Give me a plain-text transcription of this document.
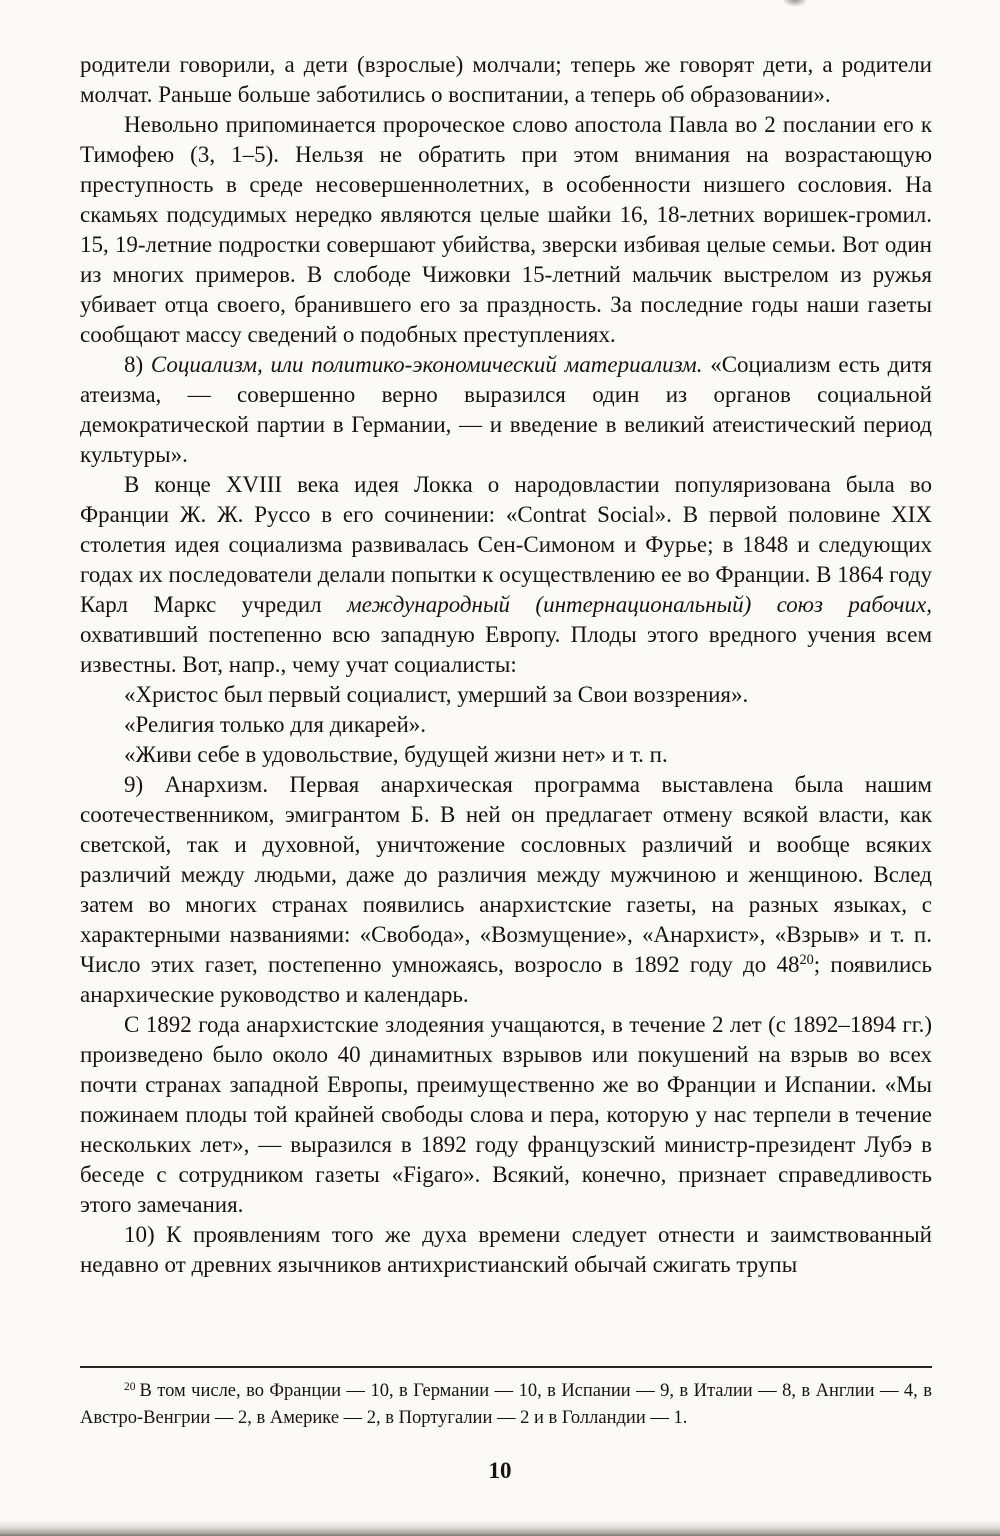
родители говорили, а дети (взрослые) молчали; теперь же говорят дети, а родители молчат. Раньше больше заботились о воспитании, а теперь об образовании».

Невольно припоминается пророческое слово апостола Павла во 2 послании его к Тимофею (3, 1–5). Нельзя не обратить при этом внимания на возрастающую преступность в среде несовершеннолетних, в особенности низшего сословия. На скамьях подсудимых нередко являются целые шайки 16, 18-летних воришек-громил. 15, 19-летние подростки совершают убийства, зверски избивая целые семьи. Вот один из многих примеров. В слободе Чижовки 15-летний мальчик выстрелом из ружья убивает отца своего, бранившего его за праздность. За последние годы наши газеты сообщают массу сведений о подобных преступлениях.

8) Социализм, или политико-экономический материализм. «Социализм есть дитя атеизма, — совершенно верно выразился один из органов социальной демократической партии в Германии, — и введение в великий атеистический период культуры».

В конце XVIII века идея Локка о народовластии популяризована была во Франции Ж. Ж. Руссо в его сочинении: «Contrat Social». В первой половине XIX столетия идея социализма развивалась Сен-Симоном и Фурье; в 1848 и следующих годах их последователи делали попытки к осуществлению ее во Франции. В 1864 году Карл Маркс учредил международный (интернациональный) союз рабочих, охвативший постепенно всю западную Европу. Плоды этого вредного учения всем известны. Вот, напр., чему учат социалисты:

«Христос был первый социалист, умерший за Свои воззрения».

«Религия только для дикарей».

«Живи себе в удовольствие, будущей жизни нет» и т. п.

9) Анархизм. Первая анархическая программа выставлена была нашим соотечественником, эмигрантом Б. В ней он предлагает отмену всякой власти, как светской, так и духовной, уничтожение сословных различий и вообще всяких различий между людьми, даже до различия между мужчиною и женщиною. Вслед затем во многих странах появились анархистские газеты, на разных языках, с характерными названиями: «Свобода», «Возмущение», «Анархист», «Взрыв» и т. п. Число этих газет, постепенно умножаясь, возросло в 1892 году до 48$^{20}$; появились анархические руководство и календарь.

С 1892 года анархистские злодеяния учащаются, в течение 2 лет (с 1892–1894 гг.) произведено было около 40 динамитных взрывов или покушений на взрыв во всех почти странах западной Европы, преимущественно же во Франции и Испании. «Мы пожинаем плоды той крайней свободы слова и пера, которую у нас терпели в течение нескольких лет», — выразился в 1892 году французский министр-президент Лубэ в беседе с сотрудником газеты «Figaro». Всякий, конечно, признает справедливость этого замечания.

10) К проявлениям того же духа времени следует отнести и заимствованный недавно от древних язычников антихристианский обычай сжигать трупы

$^{20}$ В том числе, во Франции — 10, в Германии — 10, в Испании — 9, в Италии — 8, в Англии — 4, в Австро-Венгрии — 2, в Америке — 2, в Португалии — 2 и в Голландии — 1.

10
